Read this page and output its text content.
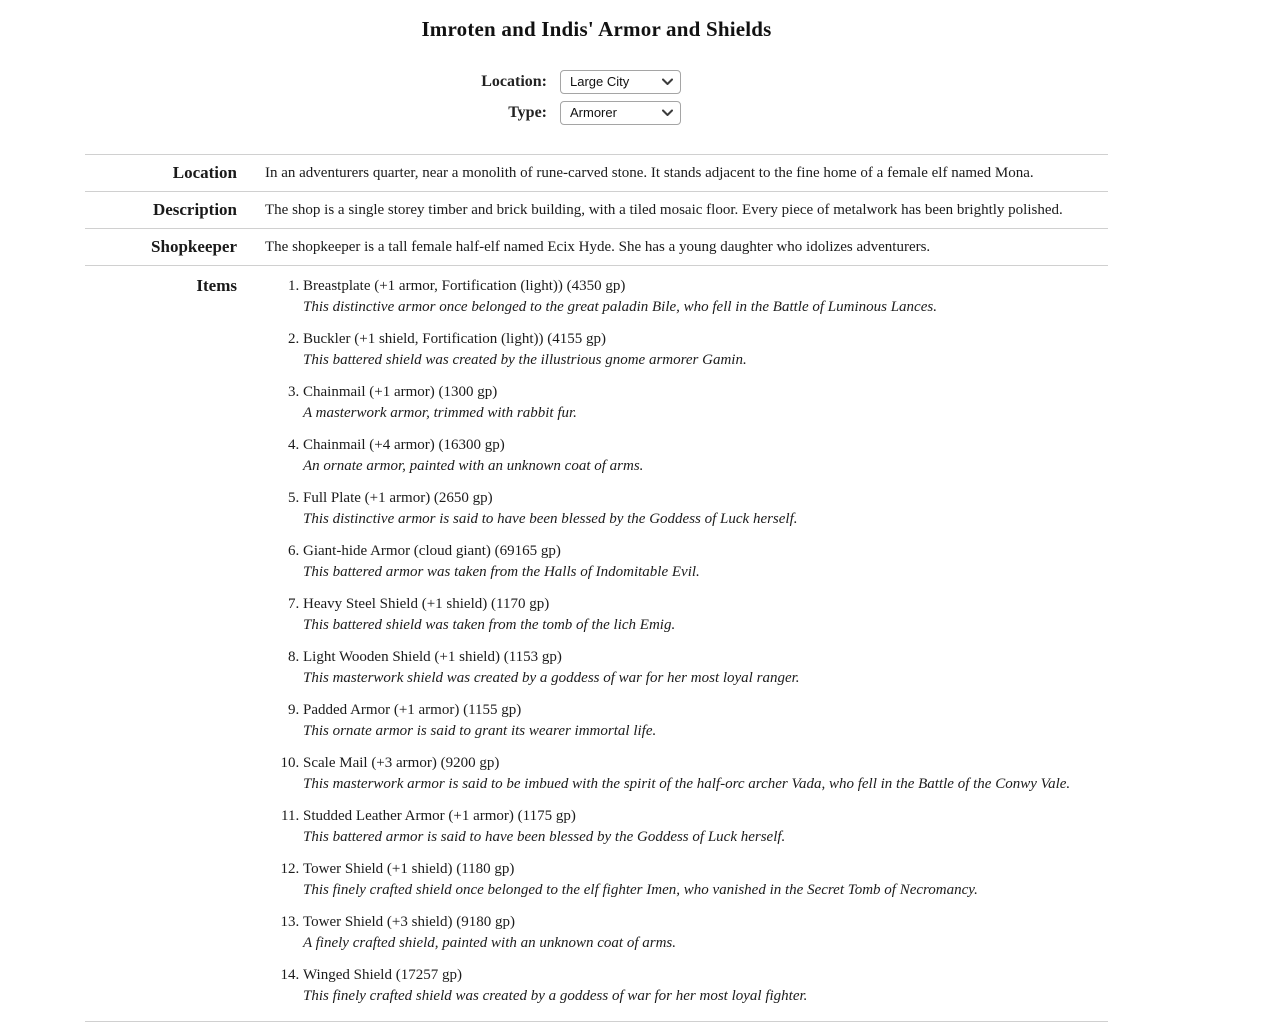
Imroten and Indis' Armor and Shields
Location:
Large City
Type:
Armorer
Location	In an adventurers quarter, near a monolith of rune-carved stone. It stands adjacent to the fine home of a female elf named Mona.
Description	The shop is a single storey timber and brick building, with a tiled mosaic floor. Every piece of metalwork has been brightly polished.
Shopkeeper	The shopkeeper is a tall female half-elf named Ecix Hyde. She has a young daughter who idolizes adventurers.
Items	1. Breastplate (+1 armor, Fortification (light)) (4350 gp)
This distinctive armor once belonged to the great paladin Bile, who fell in the Battle of Luminous Lances.
2. Buckler (+1 shield, Fortification (light)) (4155 gp)
This battered shield was created by the illustrious gnome armorer Gamin.
3. Chainmail (+1 armor) (1300 gp)
A masterwork armor, trimmed with rabbit fur.
4. Chainmail (+4 armor) (16300 gp)
An ornate armor, painted with an unknown coat of arms.
5. Full Plate (+1 armor) (2650 gp)
This distinctive armor is said to have been blessed by the Goddess of Luck herself.
6. Giant-hide Armor (cloud giant) (69165 gp)
This battered armor was taken from the Halls of Indomitable Evil.
7. Heavy Steel Shield (+1 shield) (1170 gp)
This battered shield was taken from the tomb of the lich Emig.
8. Light Wooden Shield (+1 shield) (1153 gp)
This masterwork shield was created by a goddess of war for her most loyal ranger.
9. Padded Armor (+1 armor) (1155 gp)
This ornate armor is said to grant its wearer immortal life.
10. Scale Mail (+3 armor) (9200 gp)
This masterwork armor is said to be imbued with the spirit of the half-orc archer Vada, who fell in the Battle of the Conwy Vale.
11. Studded Leather Armor (+1 armor) (1175 gp)
This battered armor is said to have been blessed by the Goddess of Luck herself.
12. Tower Shield (+1 shield) (1180 gp)
This finely crafted shield once belonged to the elf fighter Imen, who vanished in the Secret Tomb of Necromancy.
13. Tower Shield (+3 shield) (9180 gp)
A finely crafted shield, painted with an unknown coat of arms.
14. Winged Shield (17257 gp)
This finely crafted shield was created by a goddess of war for her most loyal fighter.
